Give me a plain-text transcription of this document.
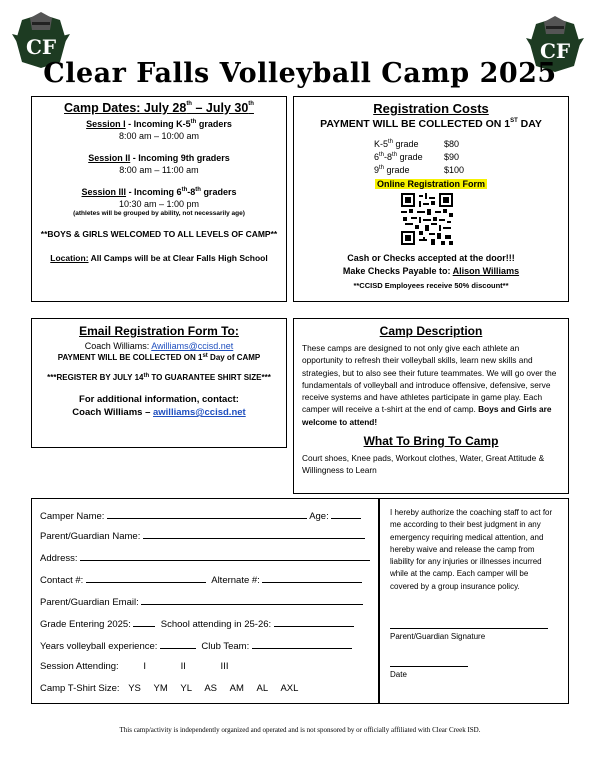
CF	CF
Clear Falls Volleyball Camp 2025
Camp Dates: July 28th – July 30th
Session I - Incoming K-5th graders
8:00 am – 10:00 am
Session II - Incoming 9th graders
8:00 am – 11:00 am
Session III - Incoming 6th-8th graders
10:30 am – 1:00 pm
(athletes will be grouped by ability, not necessarily age)
**BOYS & GIRLS WELCOMED TO ALL LEVELS OF CAMP**
Location: All Camps will be at Clear Falls High School
Registration Costs
PAYMENT WILL BE COLLECTED ON 1ST DAY
K-5th grade	$80
6th-8th grade $90
9th grade	$100
Online Registration Form
Cash or Checks accepted at the door!!!
Make Checks Payable to: Alison Williams
**CCISD Employees receive 50% discount**
Email Registration Form To:
Coach Williams: Awilliams@ccisd.net
PAYMENT WILL BE COLLECTED ON 1st Day of CAMP
***REGISTER BY JULY 14th TO GUARANTEE SHIRT SIZE***
For additional information, contact:
Coach Williams – awilliams@ccisd.net
Camp Description
These camps are designed to not only give each athlete an opportunity to refresh their volleyball skills, learn new skills and strategies, but to also see their future teammates. We will go over the fundamentals of volleyball and introduce offensive, defensive, serve receive systems and have athletes participate in game play. Each camper will receive a t-shirt at the end of camp. Boys and Girls are welcome to attend!
What To Bring To Camp
Court shoes, Knee pads, Workout clothes, Water, Great Attitude & Willingness to Learn
Camper Name:	Age:
Parent/Guardian Name:
Address:
Contact #:	Alternate #:
Parent/Guardian Email:
Grade Entering 2025:	School attending in 25-26:
Years volleyball experience:	Club Team:
Session Attending:	I	II	III
Camp T-Shirt Size: YS YM YL AS AM AL AXL
I hereby authorize the coaching staff to act for me according to their best judgment in any emergency requiring medical attention, and hereby waive and release the camp from liability for any injuries or illnesses incurred while at the camp. Each camper will be covered by a group insurance policy.
Parent/Guardian Signature
Date
This camp/activity is independently organized and operated and is not sponsored by or officially affiliated with Clear Creek ISD.
